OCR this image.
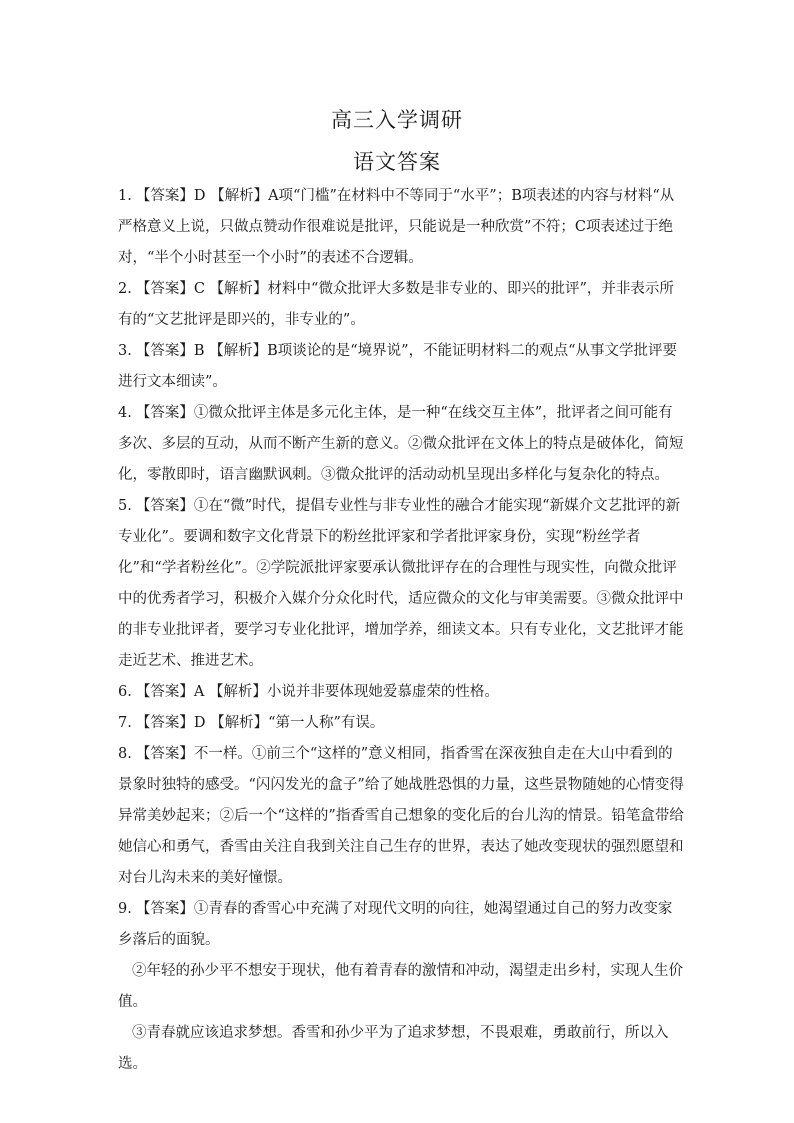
高三入学调研
语文答案

1. 【答案】D 【解析】A项“门槛”在材料中不等同于“水平”；B项表述的内容与材料“从严格意义上说，只做点赞动作很难说是批评，只能说是一种欣赏”不符；C项表述过于绝对，“半个小时甚至一个小时”的表述不合逻辑。

2. 【答案】C 【解析】材料中“微众批评大多数是非专业的、即兴的批评”，并非表示所有的“文艺批评是即兴的，非专业的”。

3. 【答案】B 【解析】B项谈论的是“境界说”，不能证明材料二的观点“从事文学批评要进行文本细读”。

4. 【答案】①微众批评主体是多元化主体，是一种“在线交互主体”，批评者之间可能有多次、多层的互动，从而不断产生新的意义。②微众批评在文体上的特点是破体化，简短化，零散即时，语言幽默讽刺。③微众批评的活动动机呈现出多样化与复杂化的特点。

5. 【答案】①在“微”时代，提倡专业性与非专业性的融合才能实现“新媒介文艺批评的新专业化”。要调和数字文化背景下的粉丝批评家和学者批评家身份，实现“粉丝学者化”和“学者粉丝化”。②学院派批评家要承认微批评存在的合理性与现实性，向微众批评中的优秀者学习，积极介入媒介分众化时代，适应微众的文化与审美需要。③微众批评中的非专业批评者，要学习专业化批评，增加学养，细读文本。只有专业化，文艺批评才能走近艺术、推进艺术。

6. 【答案】A 【解析】小说并非要体现她爱慕虚荣的性格。

7. 【答案】D 【解析】“第一人称”有误。

8. 【答案】不一样。①前三个“这样的”意义相同，指香雪在深夜独自走在大山中看到的景象时独特的感受。“闪闪发光的盒子”给了她战胜恐惧的力量，这些景物随她的心情变得异常美妙起来；②后一个“这样的”指香雪自己想象的变化后的台儿沟的情景。铅笔盒带给她信心和勇气，香雪由关注自我到关注自己生存的世界，表达了她改变现状的强烈愿望和对台儿沟未来的美好憧憬。

9. 【答案】①青春的香雪心中充满了对现代文明的向往，她渴望通过自己的努力改变家乡落后的面貌。

②年轻的孙少平不想安于现状，他有着青春的激情和冲动，渴望走出乡村，实现人生价值。

③青春就应该追求梦想。香雪和孙少平为了追求梦想，不畏艰难，勇敢前行，所以入选。
